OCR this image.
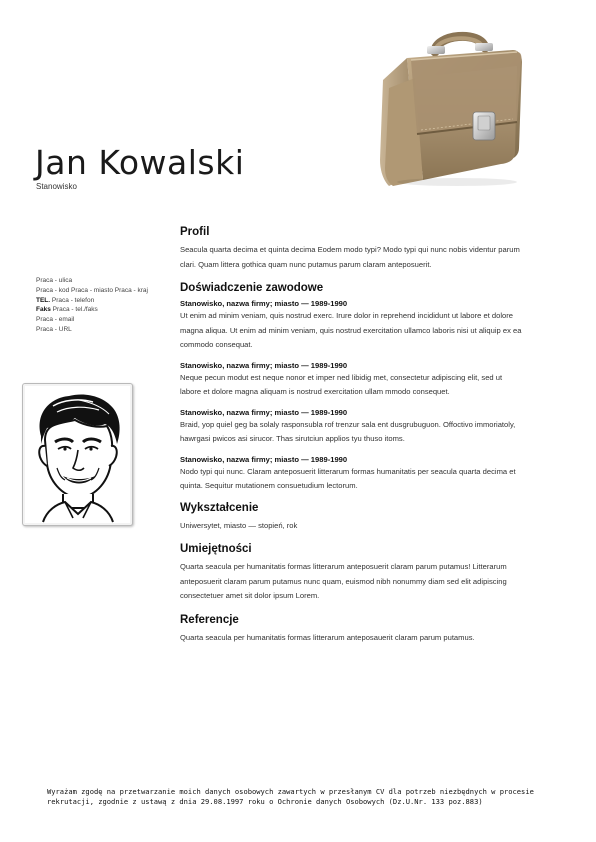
Jan Kowalski
Stanowisko
Praca - ulica
Praca - kod Praca - miasto Praca - kraj
TEL. Praca - telefon
Faks Praca - tel./faks
Praca - email
Praca - URL
Profil
Seacula quarta decima et quinta decima Eodem modo typi? Modo typi qui nunc nobis videntur parum clari. Quam littera gothica quam nunc putamus parum claram anteposuerit.
Doświadczenie zawodowe
Stanowisko, nazwa firmy; miasto — 1989-1990
Ut enim ad minim veniam, quis nostrud exerc. Irure dolor in reprehend incididunt ut labore et dolore magna aliqua. Ut enim ad minim veniam, quis nostrud exercitation ullamco laboris nisi ut aliquip ex ea commodo consequat.
Stanowisko, nazwa firmy; miasto — 1989-1990
Neque pecun modut est neque nonor et imper ned libidig met, consectetur adipiscing elit, sed ut labore et dolore magna aliquam is nostrud exercitation ullam mmodo consequet.
Stanowisko, nazwa firmy; miasto — 1989-1990
Braid, yop quiel geg ba solaly rasponsubla rof trenzur sala ent dusgrubuguon. Offoctivo immoriatoly, hawrgasi pwicos asi sirucor. Thas sirutciun applios tyu thuso itoms.
Stanowisko, nazwa firmy; miasto — 1989-1990
Nodo typi qui nunc. Claram anteposuerit litterarum formas humanitatis per seacula quarta decima et quinta. Sequitur mutationem consuetudium lectorum.
Wykształcenie
Uniwersytet, miasto — stopień, rok
Umiejętności
Quarta seacula per humanitatis formas litterarum anteposuerit claram parum putamus! Litterarum anteposuerit claram parum putamus nunc quam, euismod nibh nonummy diam sed elit adipiscing consectetuer amet sit dolor ipsum Lorem.
Referencje
Quarta seacula per humanitatis formas litterarum anteposauerit claram parum putamus.
Wyrażam zgodę na przetwarzanie moich danych osobowych zawartych w przesłanym CV dla potrzeb niezbędnych w procesie rekrutacji, zgodnie z ustawą z dnia 29.08.1997 roku o Ochronie danych Osobowych (Dz.U.Nr. 133 poz.883)
